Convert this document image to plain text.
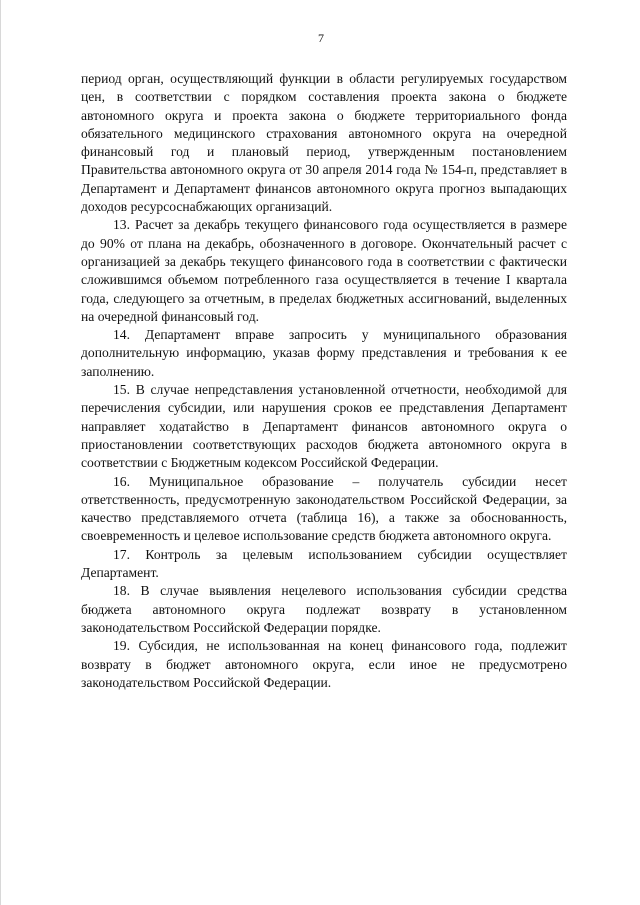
7

период орган, осуществляющий функции в области регулируемых государством цен, в соответствии с порядком составления проекта закона о бюджете автономного округа и проекта закона о бюджете территориального фонда обязательного медицинского страхования автономного округа на очередной финансовый год и плановый период, утвержденным постановлением Правительства автономного округа от 30 апреля 2014 года № 154-п, представляет в Департамент и Департамент финансов автономного округа прогноз выпадающих доходов ресурсоснабжающих организаций.

13. Расчет за декабрь текущего финансового года осуществляется в размере до 90% от плана на декабрь, обозначенного в договоре. Окончательный расчет с организацией за декабрь текущего финансового года в соответствии с фактически сложившимся объемом потребленного газа осуществляется в течение I квартала года, следующего за отчетным, в пределах бюджетных ассигнований, выделенных на очередной финансовый год.

14. Департамент вправе запросить у муниципального образования дополнительную информацию, указав форму представления и требования к ее заполнению.

15. В случае непредставления установленной отчетности, необходимой для перечисления субсидии, или нарушения сроков ее представления Департамент направляет ходатайство в Департамент финансов автономного округа о приостановлении соответствующих расходов бюджета автономного округа в соответствии с Бюджетным кодексом Российской Федерации.

16. Муниципальное образование – получатель субсидии несет ответственность, предусмотренную законодательством Российской Федерации, за качество представляемого отчета (таблица 16), а также за обоснованность, своевременность и целевое использование средств бюджета автономного округа.

17. Контроль за целевым использованием субсидии осуществляет Департамент.

18. В случае выявления нецелевого использования субсидии средства бюджета автономного округа подлежат возврату в установленном законодательством Российской Федерации порядке.

19. Субсидия, не использованная на конец финансового года, подлежит возврату в бюджет автономного округа, если иное не предусмотрено законодательством Российской Федерации.
